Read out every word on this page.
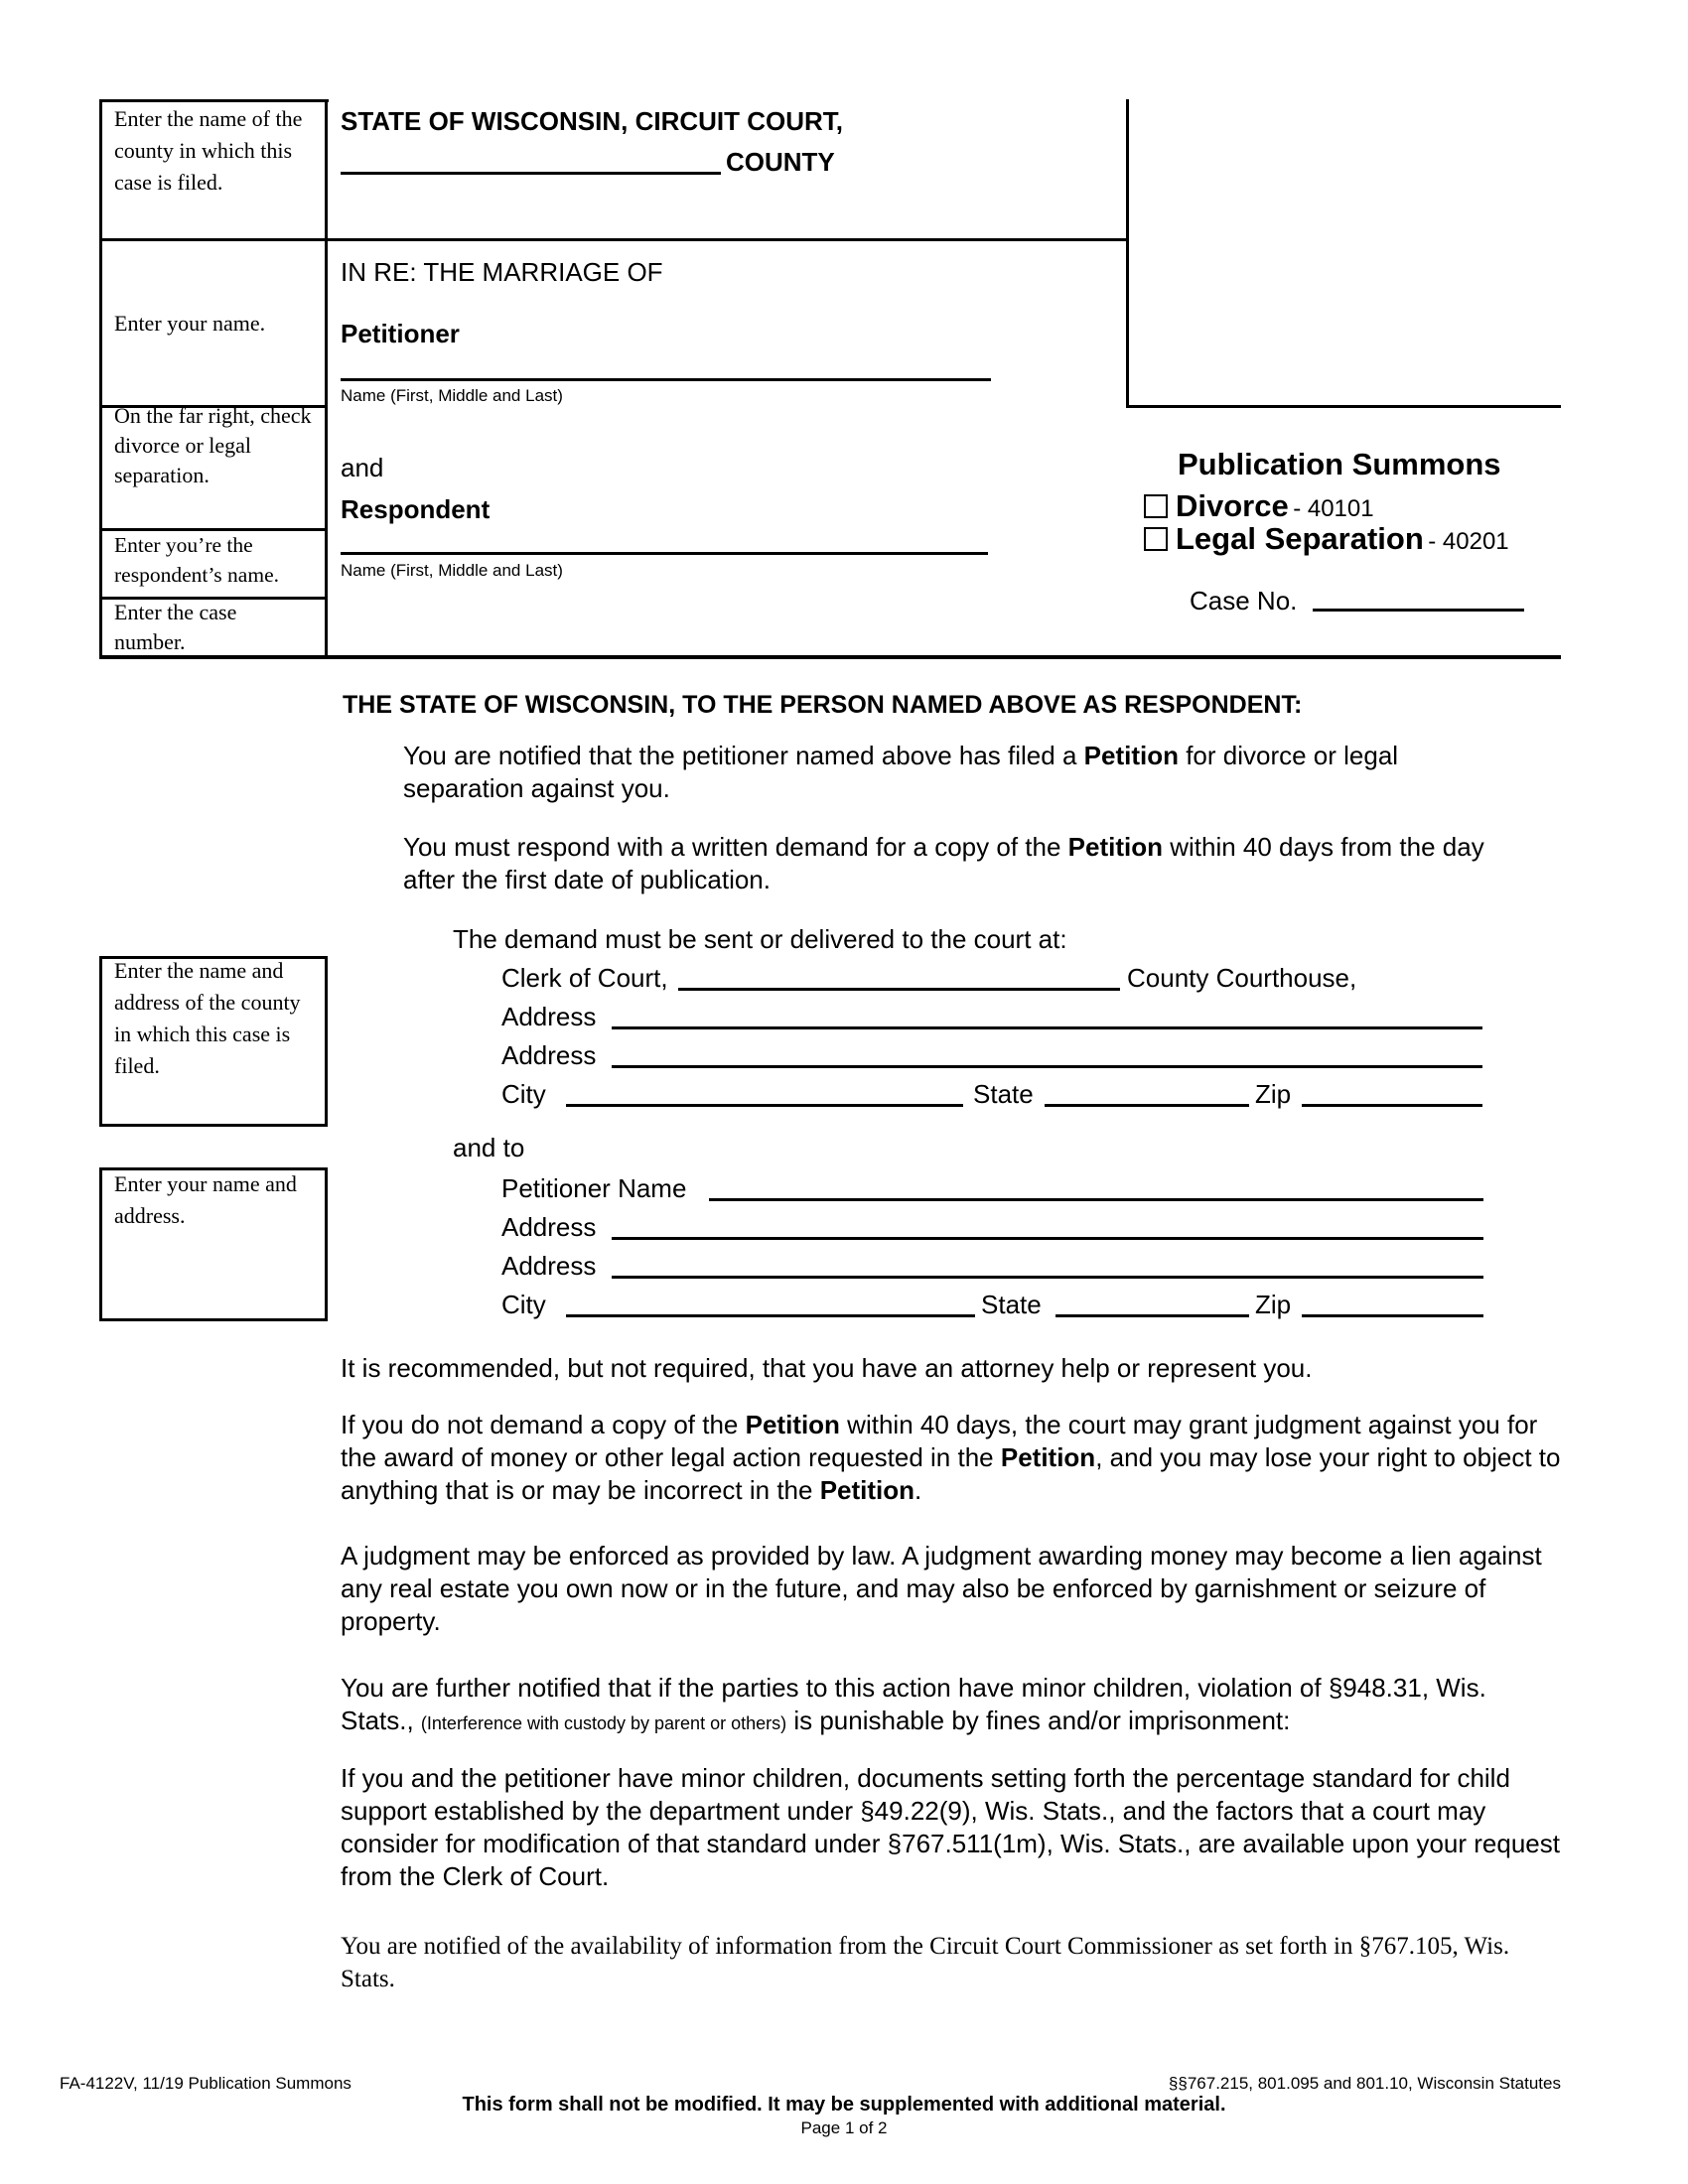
Enter the name of the county in which this case is filed.
Enter your name.
On the far right, check divorce or legal separation.
Enter you’re the respondent’s name.
Enter the case number.
STATE OF WISCONSIN, CIRCUIT COURT,
COUNTY
IN RE: THE MARRIAGE OF
Petitioner
Name (First, Middle and Last)
and
Respondent
Name (First, Middle and Last)
Publication Summons
Divorce - 40101
Legal Separation - 40201
Case No.
THE STATE OF WISCONSIN, TO THE PERSON NAMED ABOVE AS RESPONDENT:
You are notified that the petitioner named above has filed a Petition for divorce or legal separation against you.
You must respond with a written demand for a copy of the Petition within 40 days from the day after the first date of publication.
The demand must be sent or delivered to the court at:
Enter the name and address of the county in which this case is filed.
Clerk of Court,	County Courthouse,
Address
Address
City	State	Zip
and to
Enter your name and address.
Petitioner Name
Address
Address
City	State	Zip
It is recommended, but not required, that you have an attorney help or represent you.
If you do not demand a copy of the Petition within 40 days, the court may grant judgment against you for the award of money or other legal action requested in the Petition, and you may lose your right to object to anything that is or may be incorrect in the Petition.
A judgment may be enforced as provided by law. A judgment awarding money may become a lien against any real estate you own now or in the future, and may also be enforced by garnishment or seizure of property.
You are further notified that if the parties to this action have minor children, violation of §948.31, Wis. Stats., (Interference with custody by parent or others) is punishable by fines and/or imprisonment:
If you and the petitioner have minor children, documents setting forth the percentage standard for child support established by the department under §49.22(9), Wis. Stats., and the factors that a court may consider for modification of that standard under §767.511(1m), Wis. Stats., are available upon your request from the Clerk of Court.
You are notified of the availability of information from the Circuit Court Commissioner as set forth in §767.105, Wis. Stats.
FA-4122V, 11/19 Publication Summons	§§767.215, 801.095 and 801.10, Wisconsin Statutes
This form shall not be modified. It may be supplemented with additional material.
Page 1 of 2
